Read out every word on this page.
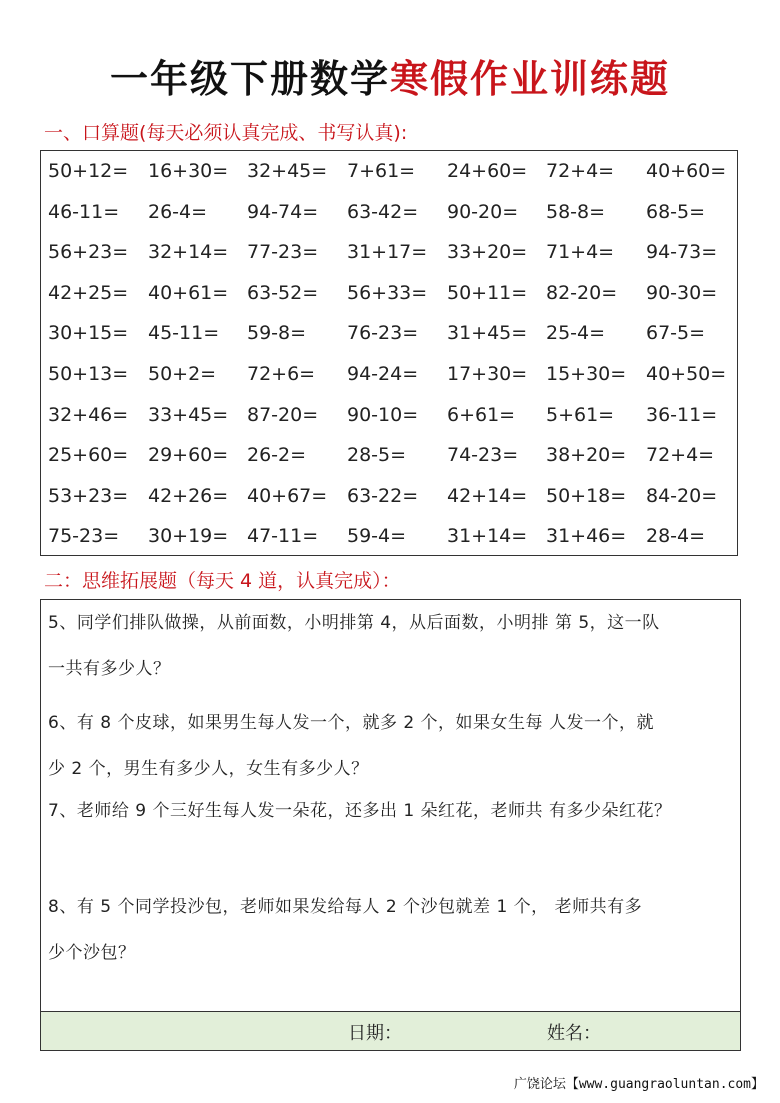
一年级下册数学寒假作业训练题
一、口算题(每天必须认真完成、书写认真):
50+12= 16+30= 32+45= 7+61= 24+60= 72+4= 40+60=
46-11= 26-4= 94-74= 63-42= 90-20= 58-8= 68-5=
56+23= 32+14= 77-23= 31+17= 33+20= 71+4= 94-73=
42+25= 40+61= 63-52= 56+33= 50+11= 82-20= 90-30=
30+15= 45-11= 59-8= 76-23= 31+45= 25-4= 67-5=
50+13= 50+2= 72+6= 94-24= 17+30= 15+30= 40+50=
32+46= 33+45= 87-20= 90-10= 6+61= 5+61= 36-11=
25+60= 29+60= 26-2= 28-5= 74-23= 38+20= 72+4=
53+23= 42+26= 40+67= 63-22= 42+14= 50+18= 84-20=
75-23= 30+19= 47-11= 59-4= 31+14= 31+46= 28-4=
二：思维拓展题（每天 4 道，认真完成）：
5、同学们排队做操，从前面数，小明排第 4，从后面数，小明排 第 5，这一队
一共有多少人？
6、有 8 个皮球，如果男生每人发一个，就多 2 个，如果女生每 人发一个，就
少 2 个，男生有多少人，女生有多少人？
7、老师给 9 个三好生每人发一朵花，还多出 1 朵红花，老师共 有多少朵红花？
8、有 5 个同学投沙包，老师如果发给每人 2 个沙包就差 1 个， 老师共有多
少个沙包？
日期：	姓名：
广饶论坛【www.guangraoluntan.com】
